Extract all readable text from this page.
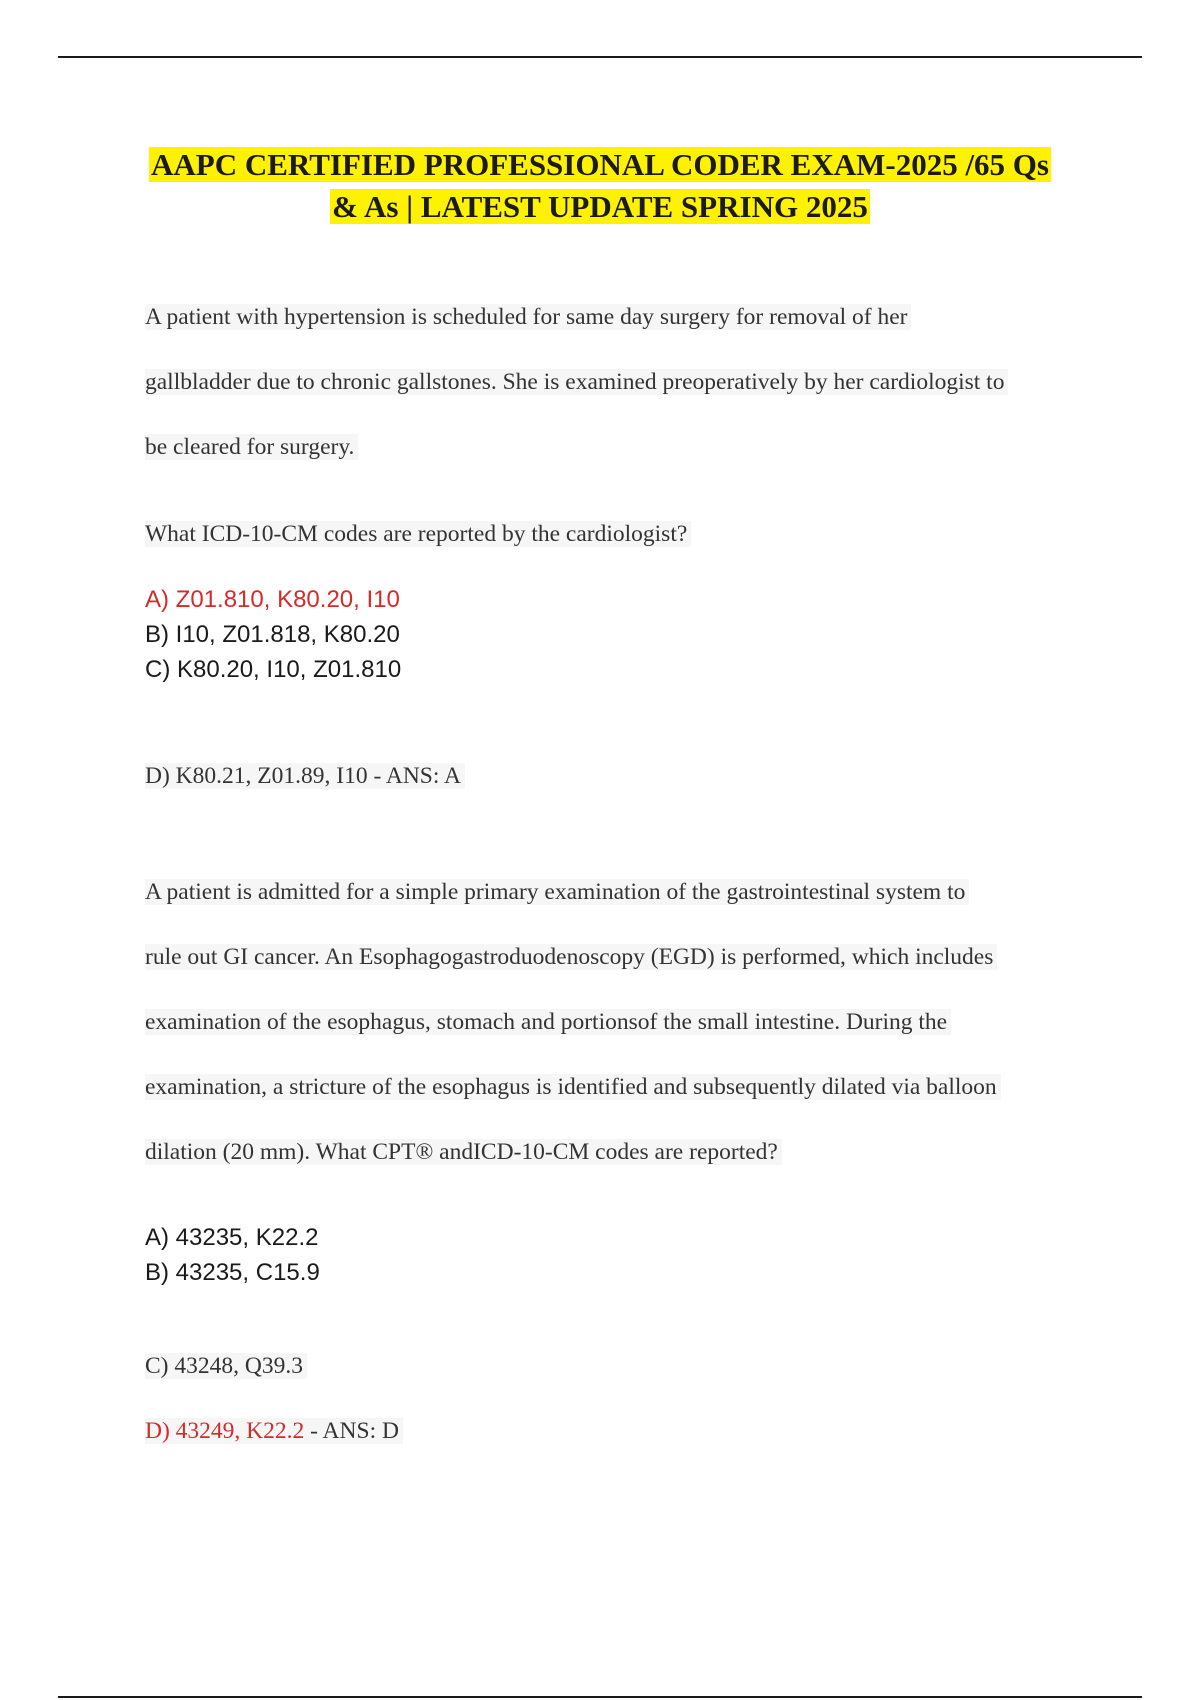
AAPC CERTIFIED PROFESSIONAL CODER EXAM-2025 /65 Qs
& As | LATEST UPDATE SPRING 2025

A patient with hypertension is scheduled for same day surgery for removal of her
gallbladder due to chronic gallstones. She is examined preoperatively by her cardiologist to
be cleared for surgery.

What ICD-10-CM codes are reported by the cardiologist?

A) Z01.810, K80.20, I10

B) I10, Z01.818, K80.20

C) K80.20, I10, Z01.810

D) K80.21, Z01.89, I10 - ANS: A

A patient is admitted for a simple primary examination of the gastrointestinal system to
rule out GI cancer. An Esophagogastroduodenoscopy (EGD) is performed, which includes
examination of the esophagus, stomach and portionsof the small intestine. During the
examination, a stricture of the esophagus is identified and subsequently dilated via balloon
dilation (20 mm). What CPT® andICD-10-CM codes are reported?

A) 43235, K22.2

B) 43235, C15.9

C) 43248, Q39.3

D) 43249, K22.2 - ANS: D
